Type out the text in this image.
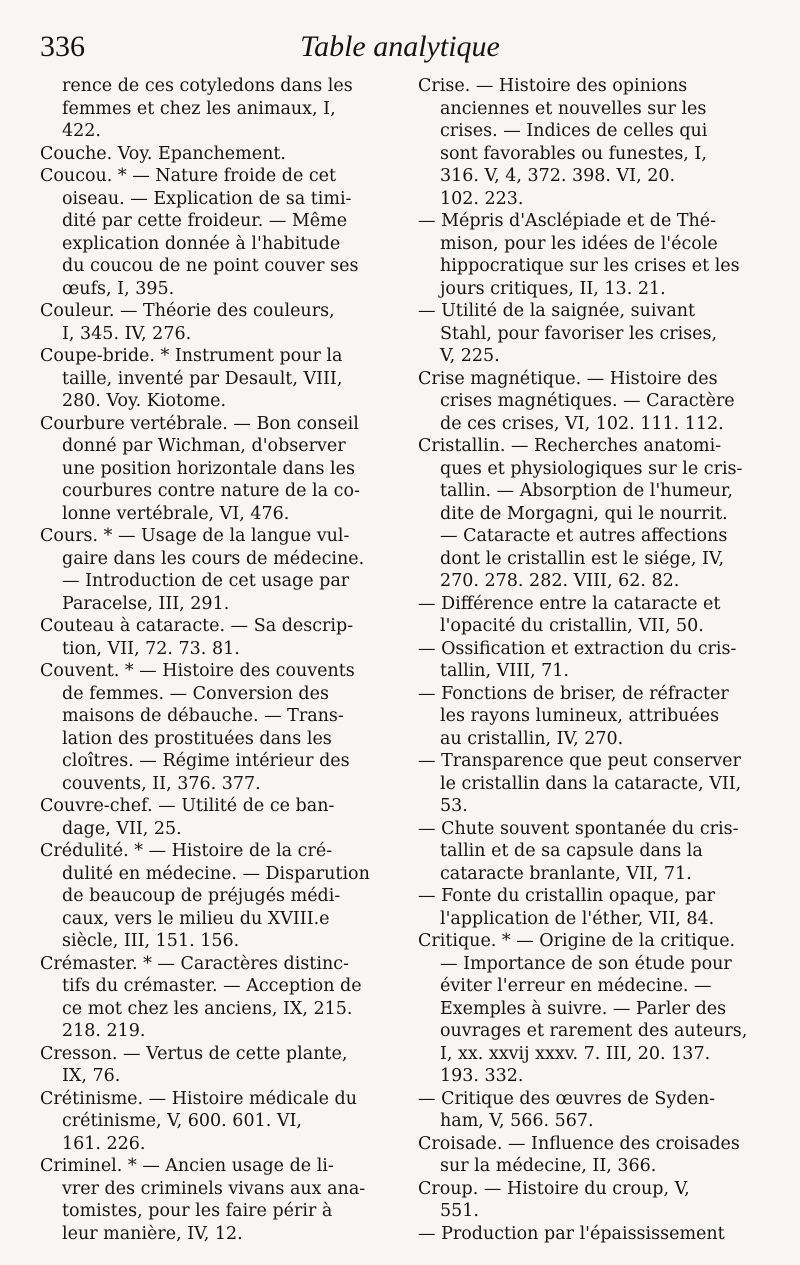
336	Table analytique

rence de ces cotyledons dans les
femmes et chez les animaux, I,
422.

Couche. Voy. Epanchement.

Coucou. * — Nature froide de cet
oiseau. — Explication de sa timi-
dité par cette froideur. — Même
explication donnée à l'habitude
du coucou de ne point couver ses
œufs, I, 395.

Couleur. — Théorie des couleurs,
I, 345. IV, 276.

Coupe-bride. * Instrument pour la
taille, inventé par Desault, VIII,
280. Voy. Kiotome.

Courbure vertébrale. — Bon conseil
donné par Wichman, d'observer
une position horizontale dans les
courbures contre nature de la co-
lonne vertébrale, VI, 476.

Cours. * — Usage de la langue vul-
gaire dans les cours de médecine.
— Introduction de cet usage par
Paracelse, III, 291.

Couteau à cataracte. — Sa descrip-
tion, VII, 72. 73. 81.

Couvent. * — Histoire des couvents
de femmes. — Conversion des
maisons de débauche. — Trans-
lation des prostituées dans les
cloîtres. — Régime intérieur des
couvents, II, 376. 377.

Couvre-chef. — Utilité de ce ban-
dage, VII, 25.

Crédulité. * — Histoire de la cré-
dulité en médecine. — Disparution
de beaucoup de préjugés médi-
caux, vers le milieu du XVIII.e
siècle, III, 151. 156.

Crémaster. * — Caractères distinc-
tifs du crémaster. — Acception de
ce mot chez les anciens, IX, 215.
218. 219.

Cresson. — Vertus de cette plante,
IX, 76.

Crétinisme. — Histoire médicale du
crétinisme, V, 600. 601. VI,
161. 226.

Criminel. * — Ancien usage de li-
vrer des criminels vivans aux ana-
tomistes, pour les faire périr à
leur manière, IV, 12.

Crise. — Histoire des opinions
anciennes et nouvelles sur les
crises. — Indices de celles qui
sont favorables ou funestes, I,
316. V, 4, 372. 398. VI, 20.
102. 223.

— Mépris d'Asclépiade et de Thé-
mison, pour les idées de l'école
hippocratique sur les crises et les
jours critiques, II, 13. 21.

— Utilité de la saignée, suivant
Stahl, pour favoriser les crises,
V, 225.

Crise magnétique. — Histoire des
crises magnétiques. — Caractère
de ces crises, VI, 102. 111. 112.

Cristallin. — Recherches anatomi-
ques et physiologiques sur le cris-
tallin. — Absorption de l'humeur,
dite de Morgagni, qui le nourrit.
— Cataracte et autres affections
dont le cristallin est le siége, IV,
270. 278. 282. VIII, 62. 82.

— Différence entre la cataracte et
l'opacité du cristallin, VII, 50.

— Ossification et extraction du cris-
tallin, VIII, 71.

— Fonctions de briser, de réfracter
les rayons lumineux, attribuées
au cristallin, IV, 270.

— Transparence que peut conserver
le cristallin dans la cataracte, VII,
53.

— Chute souvent spontanée du cris-
tallin et de sa capsule dans la
cataracte branlante, VII, 71.

— Fonte du cristallin opaque, par
l'application de l'éther, VII, 84.

Critique. * — Origine de la critique.
— Importance de son étude pour
éviter l'erreur en médecine. —
Exemples à suivre. — Parler des
ouvrages et rarement des auteurs,
I, xx. xxvij xxxv. 7. III, 20. 137.
193. 332.

— Critique des œuvres de Syden-
ham, V, 566. 567.

Croisade. — Influence des croisades
sur la médecine, II, 366.

Croup. — Histoire du croup, V,
551.

— Production par l'épaississement
